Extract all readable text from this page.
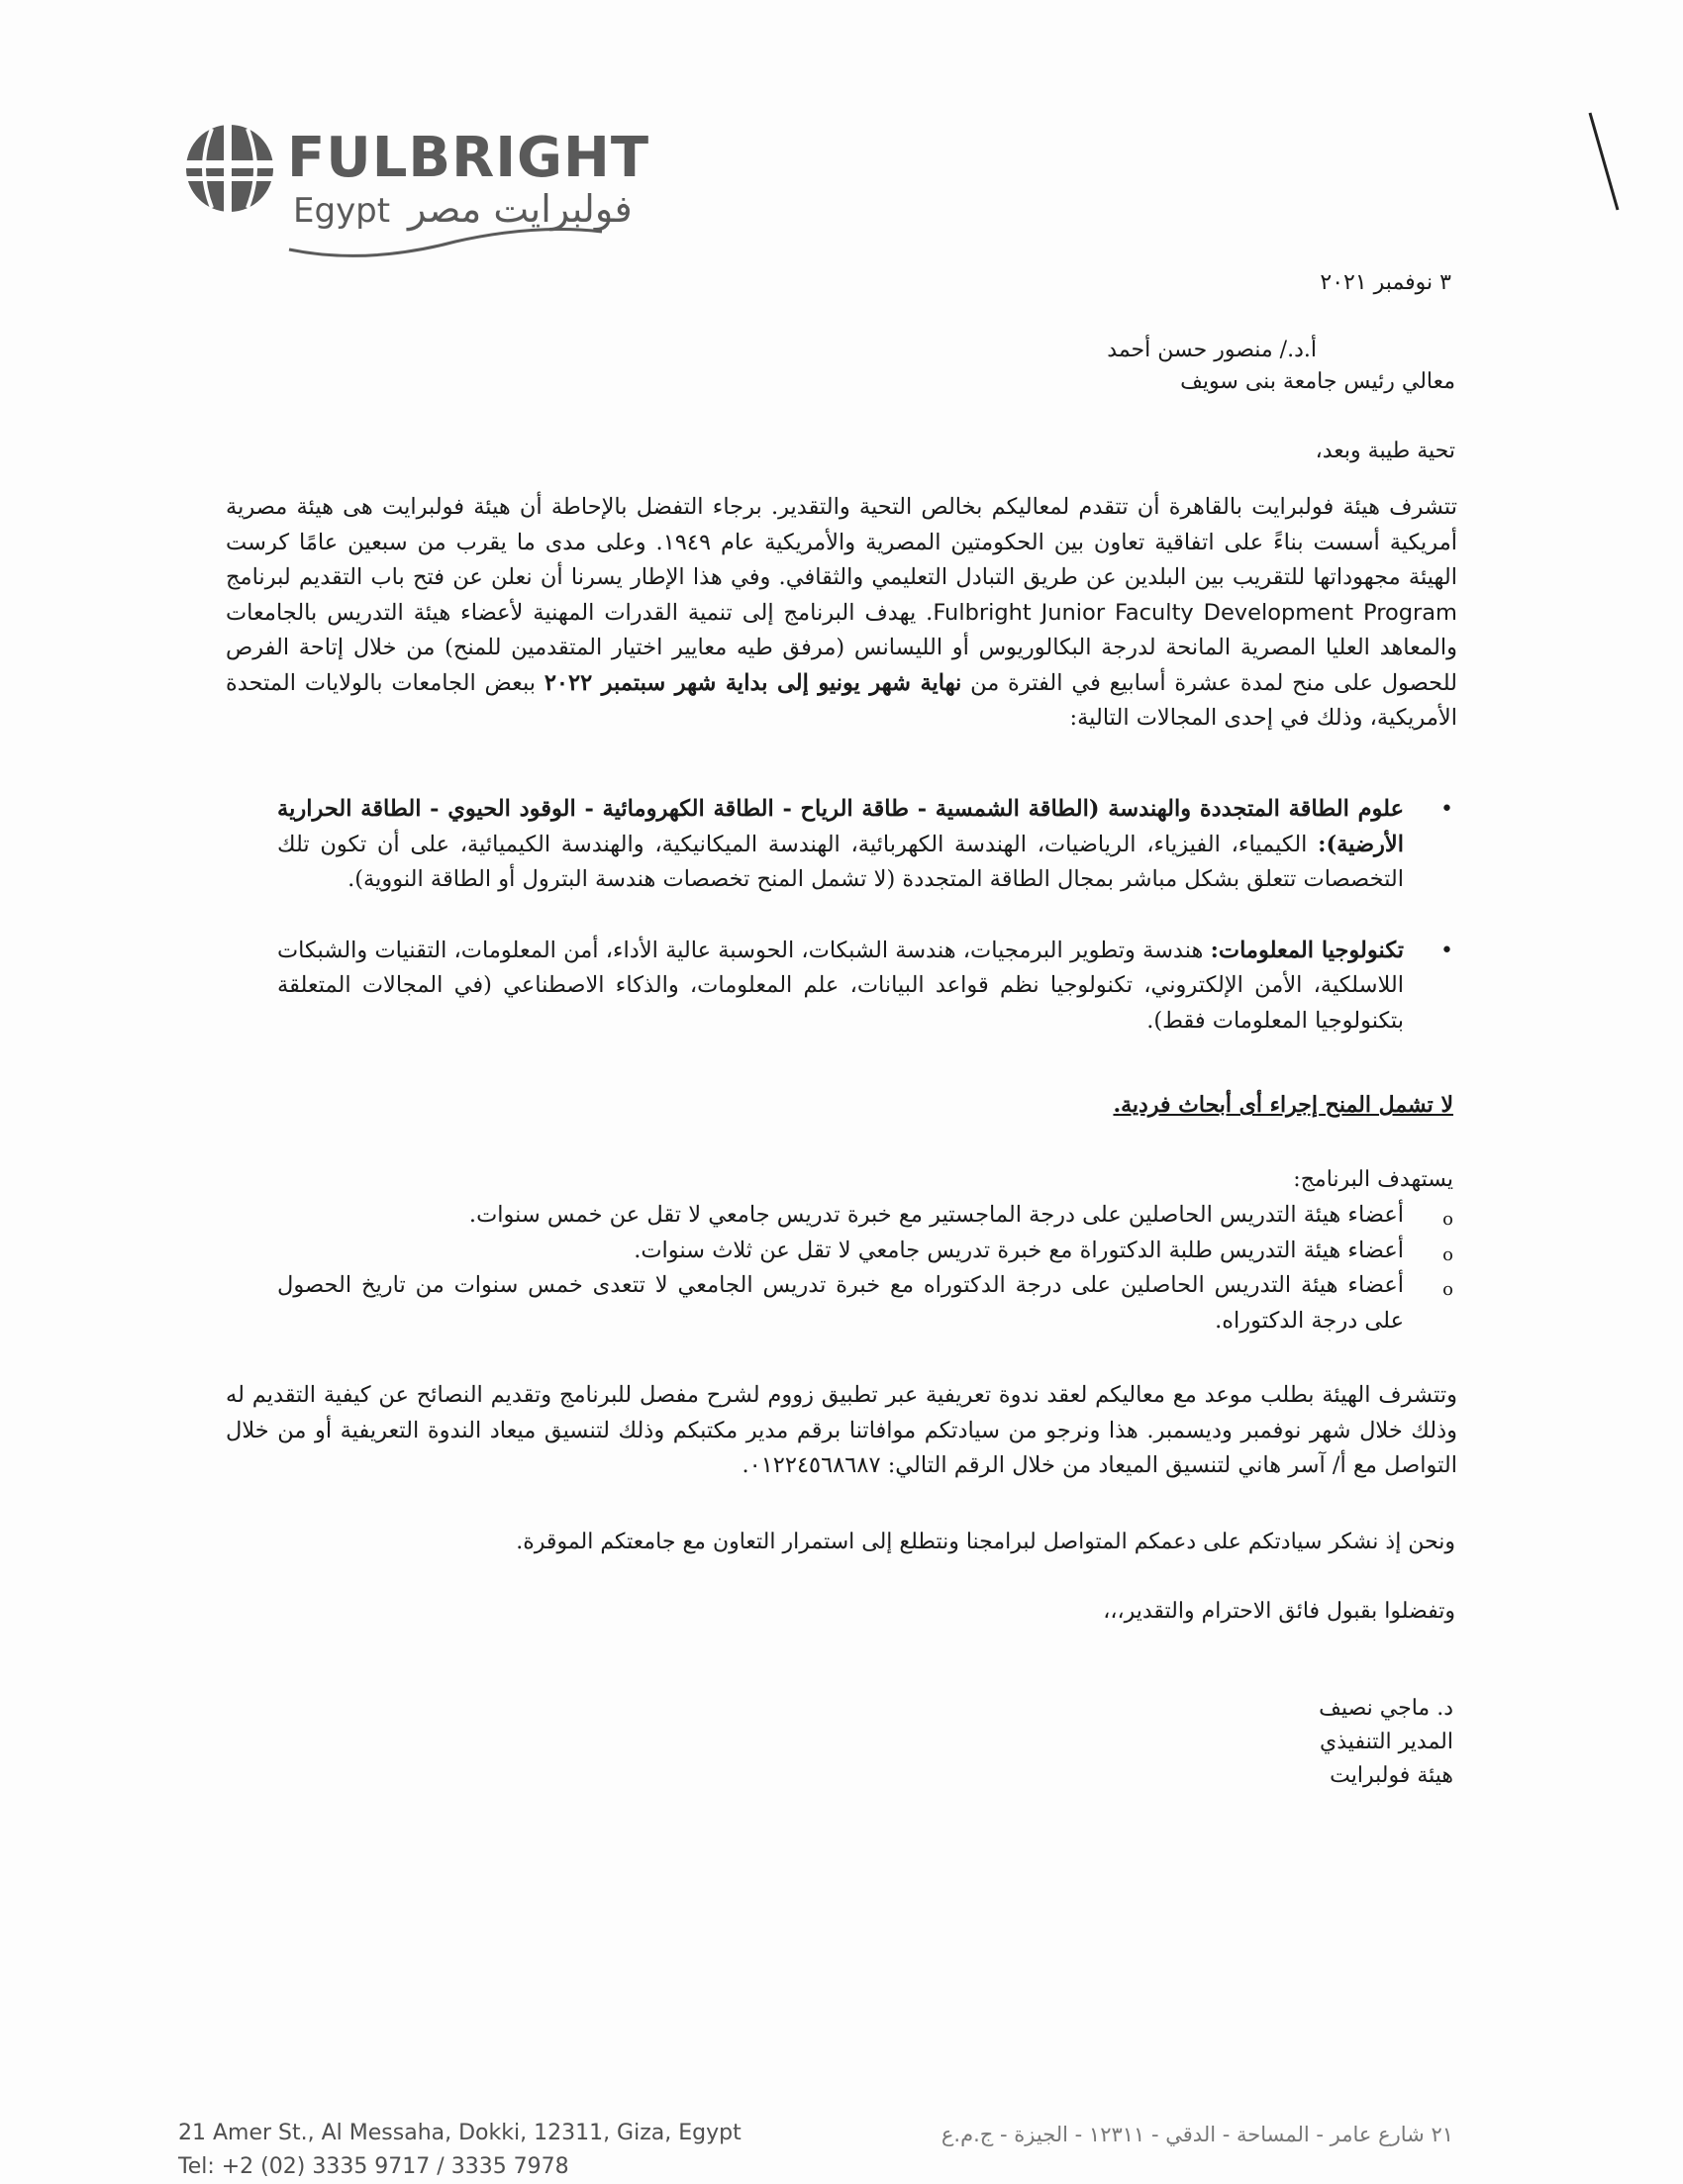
FULBRIGHT
Egypt فولبرايت مصر
٣ نوفمبر ٢٠٢١
أ.د./ منصور حسن أحمد
معالي رئيس جامعة بنى سويف
تحية طيبة وبعد،
تتشرف هيئة فولبرايت بالقاهرة أن تتقدم لمعاليكم بخالص التحية والتقدير. برجاء التفضل بالإحاطة أن هيئة فولبرايت هى هيئة مصرية أمريكية أسست بناءً على اتفاقية تعاون بين الحكومتين المصرية والأمريكية عام ١٩٤٩. وعلى مدى ما يقرب من سبعين عامًا كرست الهيئة مجهوداتها للتقريب بين البلدين عن طريق التبادل التعليمي والثقافي. وفي هذا الإطار يسرنا أن نعلن عن فتح باب التقديم لبرنامج Fulbright Junior Faculty Development Program. يهدف البرنامج إلى تنمية القدرات المهنية لأعضاء هيئة التدريس بالجامعات والمعاهد العليا المصرية المانحة لدرجة البكالوريوس أو الليسانس (مرفق طيه معايير اختيار المتقدمين للمنح) من خلال إتاحة الفرص للحصول على منح لمدة عشرة أسابيع في الفترة من نهاية شهر يونيو إلى بداية شهر سبتمبر ٢٠٢٢ ببعض الجامعات بالولايات المتحدة الأمريكية، وذلك في إحدى المجالات التالية:
• علوم الطاقة المتجددة والهندسة (الطاقة الشمسية - طاقة الرياح - الطاقة الكهرومائية - الوقود الحيوي - الطاقة الحرارية الأرضية): الكيمياء، الفيزياء، الرياضيات، الهندسة الكهربائية، الهندسة الميكانيكية، والهندسة الكيميائية، على أن تكون تلك التخصصات تتعلق بشكل مباشر بمجال الطاقة المتجددة (لا تشمل المنح تخصصات هندسة البترول أو الطاقة النووية).
• تكنولوجيا المعلومات: هندسة وتطوير البرمجيات، هندسة الشبكات، الحوسبة عالية الأداء، أمن المعلومات، التقنيات والشبكات اللاسلكية، الأمن الإلكتروني، تكنولوجيا نظم قواعد البيانات، علم المعلومات، والذكاء الاصطناعي (في المجالات المتعلقة بتكنولوجيا المعلومات فقط).
لا تشمل المنح إجراء أى أبحاث فردية.
يستهدف البرنامج:
o أعضاء هيئة التدريس الحاصلين على درجة الماجستير مع خبرة تدريس جامعي لا تقل عن خمس سنوات.
o أعضاء هيئة التدريس طلبة الدكتوراة مع خبرة تدريس جامعي لا تقل عن ثلاث سنوات.
o أعضاء هيئة التدريس الحاصلين على درجة الدكتوراه مع خبرة تدريس الجامعي لا تتعدى خمس سنوات من تاريخ الحصول على درجة الدكتوراه.
وتتشرف الهيئة بطلب موعد مع معاليكم لعقد ندوة تعريفية عبر تطبيق زووم لشرح مفصل للبرنامج وتقديم النصائح عن كيفية التقديم له وذلك خلال شهر نوفمبر وديسمبر. هذا ونرجو من سيادتكم موافاتنا برقم مدير مكتبكم وذلك لتنسيق ميعاد الندوة التعريفية أو من خلال التواصل مع أ/ آسر هاني لتنسيق الميعاد من خلال الرقم التالي: ٠١٢٢٤٥٦٨٦٨٧.
ونحن إذ نشكر سيادتكم على دعمكم المتواصل لبرامجنا ونتطلع إلى استمرار التعاون مع جامعتكم الموقرة.
وتفضلوا بقبول فائق الاحترام والتقدير،،،
د. ماجي نصيف
المدير التنفيذي
هيئة فولبرايت
21 Amer St., Al Messaha, Dokki, 12311, Giza, Egypt
Tel: +2 (02) 3335 9717 / 3335 7978
٢١ شارع عامر - المساحة - الدقي - ١٢٣١١ - الجيزة - ج.م.ع
